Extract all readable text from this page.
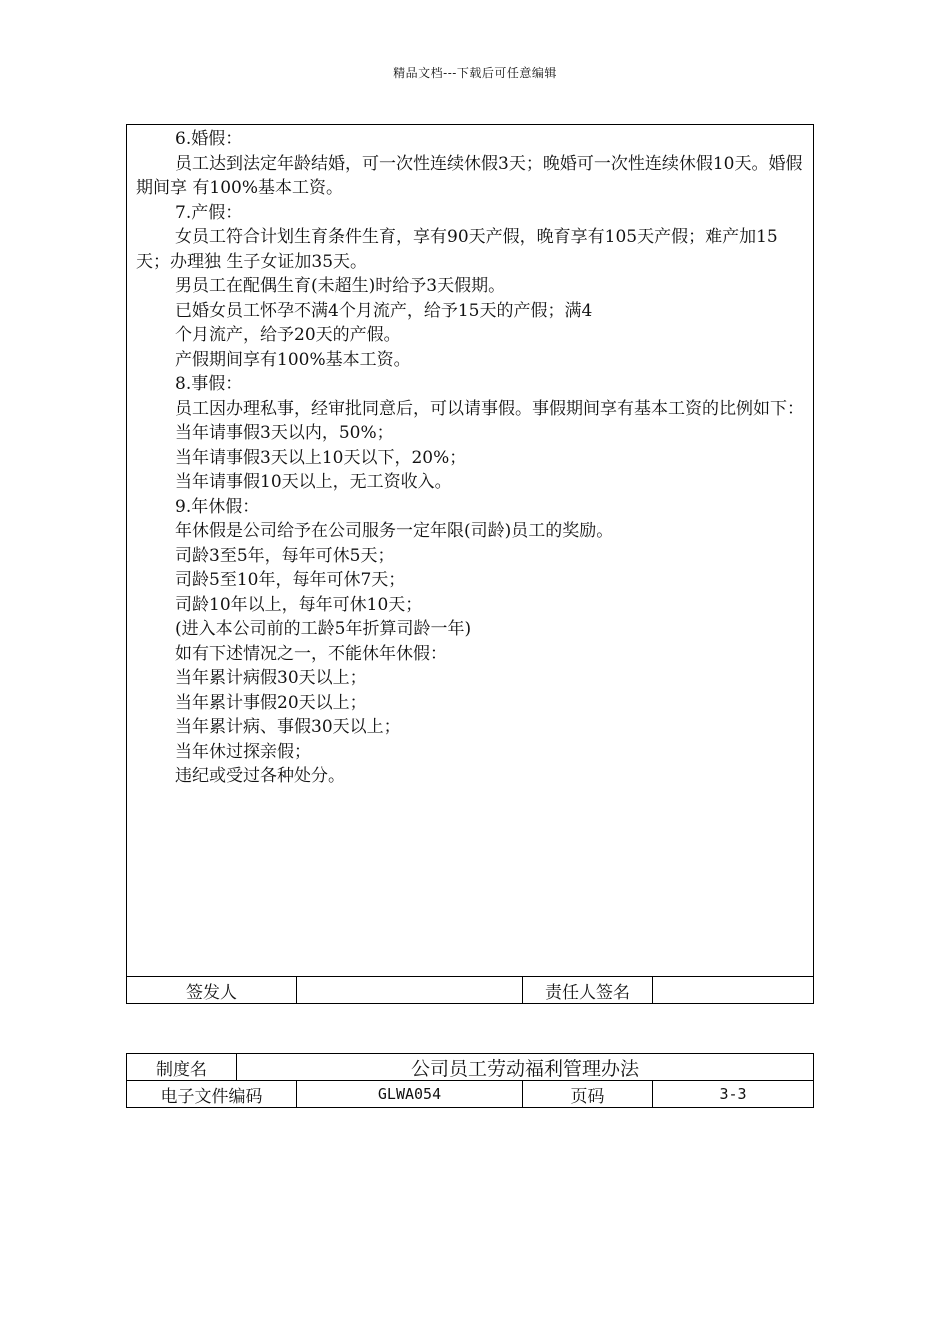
精品文档---下载后可任意编辑

6.婚假：

员工达到法定年龄结婚，可一次性连续休假3天；晚婚可一次性连续休假10天。婚假期间享 有100%基本工资。

7.产假：

女员工符合计划生育条件生育，享有90天产假，晚育享有105天产假；难产加15天；办理独 生子女证加35天。

男员工在配偶生育(未超生)时给予3天假期。

已婚女员工怀孕不满4个月流产，给予15天的产假；满4

个月流产，给予20天的产假。

产假期间享有100%基本工资。

8.事假：

员工因办理私事，经审批同意后，可以请事假。事假期间享有基本工资的比例如下：

当年请事假3天以内，50%；

当年请事假3天以上10天以下，20%；

当年请事假10天以上，无工资收入。

9.年休假：

年休假是公司给予在公司服务一定年限(司龄)员工的奖励。

司龄3至5年，每年可休5天；

司龄5至10年，每年可休7天；

司龄10年以上，每年可休10天；

(进入本公司前的工龄5年折算司龄一年)

如有下述情况之一，不能休年休假：

当年累计病假30天以上；

当年累计事假20天以上；

当年累计病、事假30天以上；

当年休过探亲假；

违纪或受过各种处分。

签发人	责任人签名
制度名	公司员工劳动福利管理办法
电子文件编码	GLWA054	页码	3-3
